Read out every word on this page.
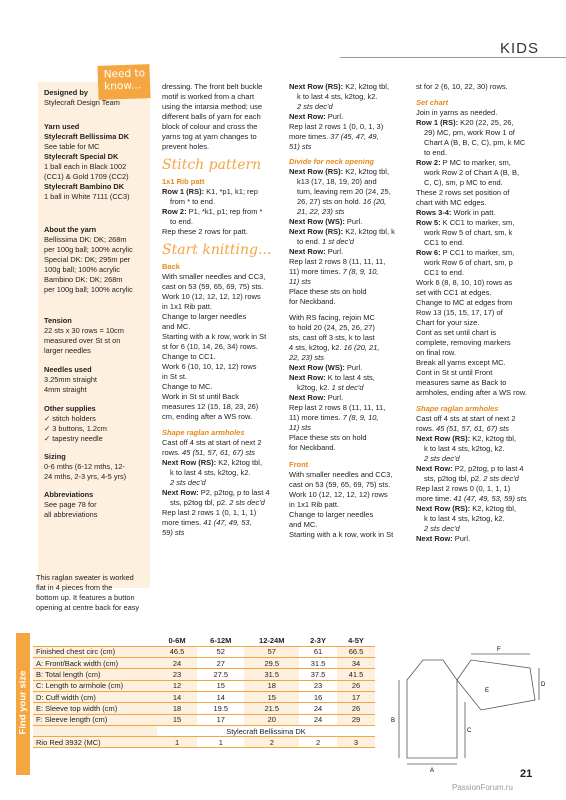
KIDS
Need to know...
Designed by
Stylecraft Design Team
Yarn used
Stylecraft Bellissima DK
See table for MC
Stylecraft Special DK
1 ball each in Black 1002
(CC1) & Gold 1709 (CC2)
Stylecraft Bambino DK
1 ball in White 7111 (CC3)
About the yarn
Bellissima DK: DK; 268m
per 100g ball; 100% acrylic
Special DK: DK; 295m per
100g ball; 100% acrylic
Bambino DK: DK; 268m
per 100g ball; 100% acrylic
Tension
22 sts x 30 rows = 10cm
measured over St st on
larger needles
Needles used
3.25mm straight
4mm straight
Other supplies
✓ stitch holders
✓ 3 buttons, 1.2cm
✓ tapestry needle
Sizing
0-6 mths (6-12 mths, 12-
24 mths, 2-3 yrs, 4-5 yrs)
Abbreviations
See page 78 for
all abbreviations
This raglan sweater is worked
flat in 4 pieces from the
bottom up. It features a button
opening at centre back for easy

dressing. The front belt buckle

motif is worked from a chart

using the intarsia method; use

different balls of yarn for each

block of colour and cross the

yarns tog at yarn changes to

prevent holes.

Stitch pattern
1x1 Rib patt

Row 1 (RS): K1, *p1, k1; rep

from * to end.

Row 2: P1, *k1, p1; rep from *

to end.

Rep these 2 rows for patt.

Start knitting...
Back

With smaller needles and CC3,

cast on 53 (59, 65, 69, 75) sts.

Work 10 (12, 12, 12, 12) rows

in 1x1 Rib patt.

Change to larger needles

and MC.

Starting with a k row, work in St

st for 6 (10, 14, 26, 34) rows.

Change to CC1.

Work 6 (10, 10, 12, 12) rows

in St st.

Change to MC.

Work in St st until Back

measures 12 (15, 18, 23, 26)

cm, ending after a WS row.

Shape raglan armholes

Cast off 4 sts at start of next 2

rows. 45 (51, 57, 61, 67) sts

Next Row (RS): K2, k2tog tbl,

k to last 4 sts, k2tog, k2.

2 sts dec'd

Next Row: P2, p2tog, p to last 4

sts, p2tog tbl, p2. 2 sts dec'd

Rep last 2 rows 1 (0, 1, 1, 1)

more times. 41 (47, 49, 53,

59) sts

Next Row (RS): K2, k2tog tbl,

k to last 4 sts, k2tog, k2.

2 sts dec'd

Next Row: Purl.

Rep last 2 rows 1 (0, 0, 1, 3)

more times. 37 (45, 47, 49,

51) sts

Divide for neck opening

Next Row (RS): K2, k2tog tbl,

k13 (17, 18, 19, 20) and

turn, leaving rem 20 (24, 25,

26, 27) sts on hold. 16 (20,

21, 22, 23) sts

Next Row (WS): Purl.

Next Row (RS): K2, k2tog tbl, k

to end. 1 st dec'd

Next Row: Purl.

Rep last 2 rows 8 (11, 11, 11,

11) more times. 7 (8, 9, 10,

11) sts

Place these sts on hold

for Neckband.

With RS facing, rejoin MC

to hold 20 (24, 25, 26, 27)

sts, cast off 3 sts, k to last

4 sts, k2tog, k2. 16 (20, 21,

22, 23) sts

Next Row (WS): Purl.

Next Row: K to last 4 sts,

k2tog, k2. 1 st dec'd

Next Row: Purl.

Rep last 2 rows 8 (11, 11, 11,

11) more times. 7 (8, 9, 10,

11) sts

Place these sts on hold

for Neckband.

Front

With smaller needles and CC3,

cast on 53 (59, 65, 69, 75) sts.

Work 10 (12, 12, 12, 12) rows

in 1x1 Rib patt.

Change to larger needles

and MC.

Starting with a k row, work in St

st for 2 (6, 10, 22, 30) rows.

Set chart

Join in yarns as needed.

Row 1 (RS): K20 (22, 25, 26,

29) MC, pm, work Row 1 of

Chart A (B, B, C, C), pm, k MC

to end.

Row 2: P MC to marker, sm,

work Row 2 of Chart A (B, B,

C, C), sm, p MC to end.

These 2 rows set position of

chart with MC edges.

Rows 3-4: Work in patt.

Row 5: K CC1 to marker, sm,

work Row 5 of chart, sm, k

CC1 to end.

Row 6: P CC1 to marker, sm,

work Row 6 of chart, sm, p

CC1 to end.

Work 6 (8, 8, 10, 10) rows as

set with CC1 at edges.

Change to MC at edges from

Row 13 (15, 15, 17, 17) of

Chart for your size.

Cont as set until chart is

complete, removing markers

on final row.

Break all yarns except MC.

Cont in St st until Front

measures same as Back to

armholes, ending after a WS row.

Shape raglan armholes

Cast off 4 sts at start of next 2

rows. 45 (51, 57, 61, 67) sts

Next Row (RS): K2, k2tog tbl,

k to last 4 sts, k2tog, k2.

2 sts dec'd

Next Row: P2, p2tog, p to last 4

sts, p2tog tbl, p2. 2 sts dec'd

Rep last 2 rows 0 (0, 1, 1, 1)

more time. 41 (47, 49, 53, 59) sts

Next Row (RS): K2, k2tog tbl,

k to last 4 sts, k2tog, k2.

2 sts dec'd

Next Row: Purl.

Find your size
	0-6M	6-12M	12-24M	2-3Y	4-5Y
Finished chest circ (cm)	46.5	52	57	61	66.5
A: Front/Back width (cm)	24	27	29.5	31.5	34
B: Total length (cm)	23	27.5	31.5	37.5	41.5
C: Length to armhole (cm)	12	15	18	23	26
D: Cuff width (cm)	14	14	15	16	17
E: Sleeve top width (cm)	18	19.5	21.5	24	26
F: Sleeve length (cm)	15	17	20	24	29
	Stylecraft Bellissima DK				
Rio Red 3932 (MC)	1	1	2	2	3
A
B
C
D
E
F
21
PassionForum.ru
